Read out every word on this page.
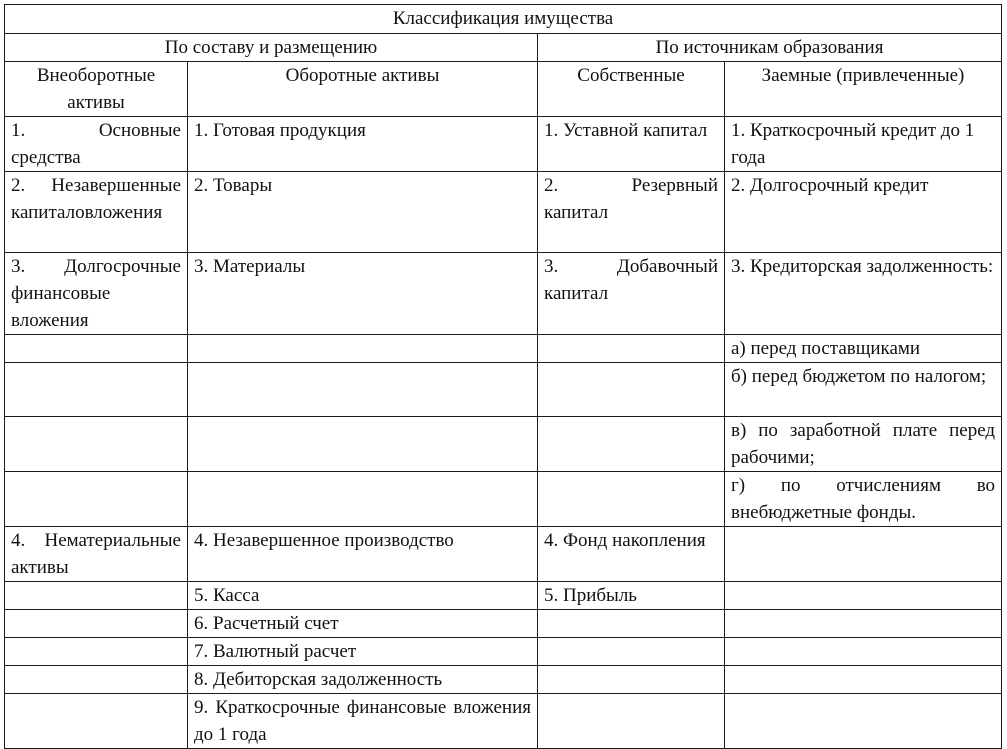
Классификация имущества			
По составу и размещению		По источникам образования	
Внеоборотные активы	Оборотные активы	Собственные	Заемные (привлеченные)
1. Основные средства	1. Готовая продукция	1. Уставной капитал	1. Краткосрочный кредит до 1 года
2. Незавершенные капиталовложения	2. Товары	2. Резервный капитал	2. Долгосрочный кредит
3. Долгосрочные финансовые вложения	3. Материалы	3. Добавочный капитал	3. Кредиторская задолженность:
			а) перед поставщиками
			б) перед бюджетом по налогом;
			в) по заработной плате перед рабочими;
			г) по отчислениям во внебюджетные фонды.
4. Нематериальные активы	4. Незавершенное производство	4. Фонд накопления	
	5. Касса	5. Прибыль	
	6. Расчетный счет		
	7. Валютный расчет		
	8. Дебиторская задолженность		
	9. Краткосрочные финансовые вложения до 1 года		
